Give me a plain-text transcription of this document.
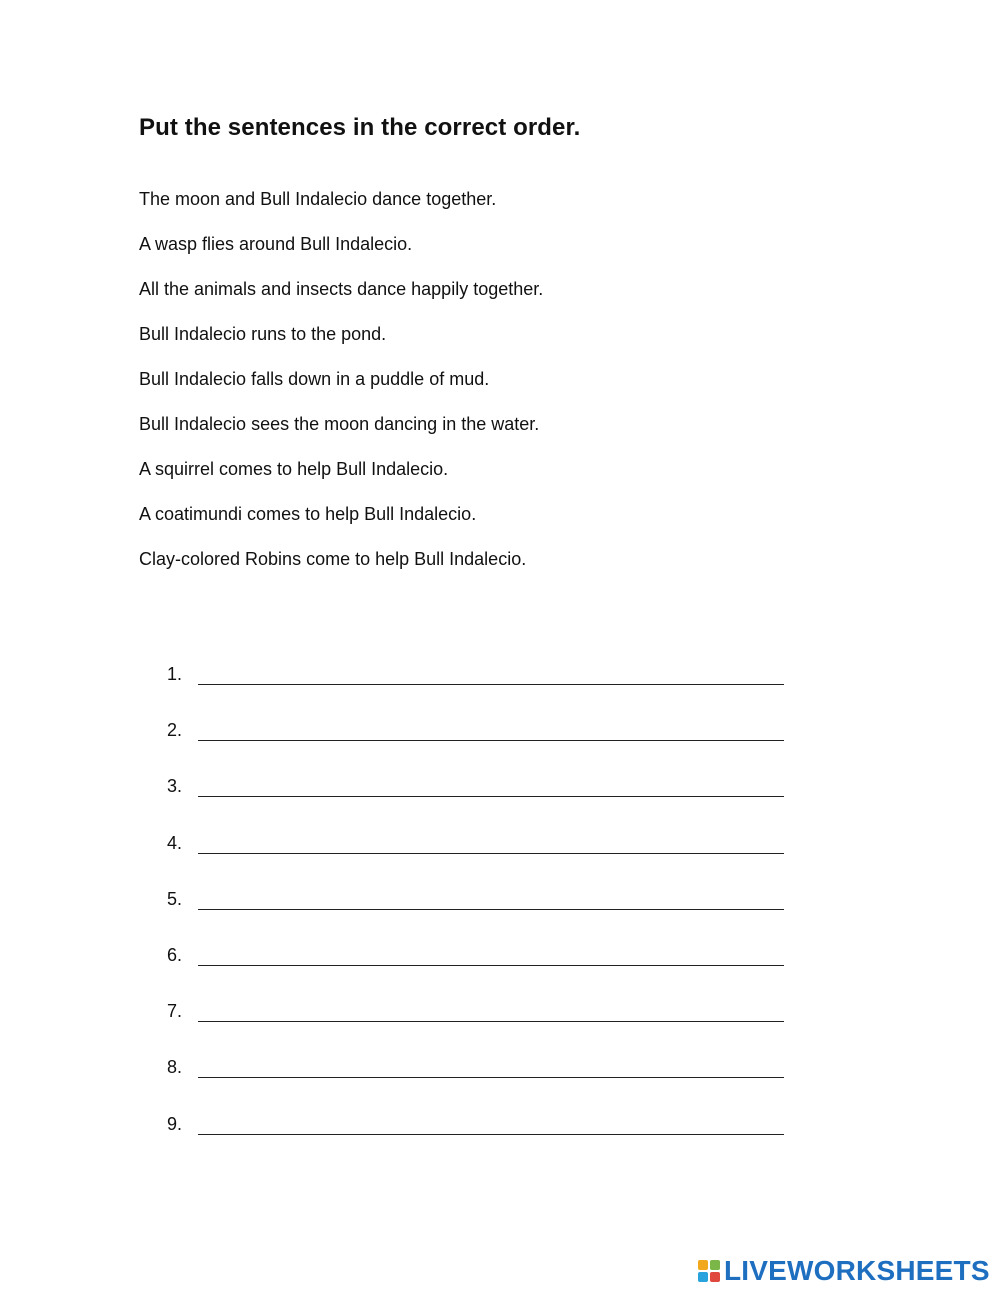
Put the sentences in the correct order.
The moon and Bull Indalecio dance together.
A wasp flies around Bull Indalecio.
All the animals and insects dance happily together.
Bull Indalecio runs to the pond.
Bull Indalecio falls down in a puddle of mud.
Bull Indalecio sees the moon dancing in the water.
A squirrel comes to help Bull Indalecio.
A coatimundi comes to help Bull Indalecio.
Clay-colored Robins come to help Bull Indalecio.
1.
2.
3.
4.
5.
6.
7.
8.
9.
LIVEWORKSHEETS
